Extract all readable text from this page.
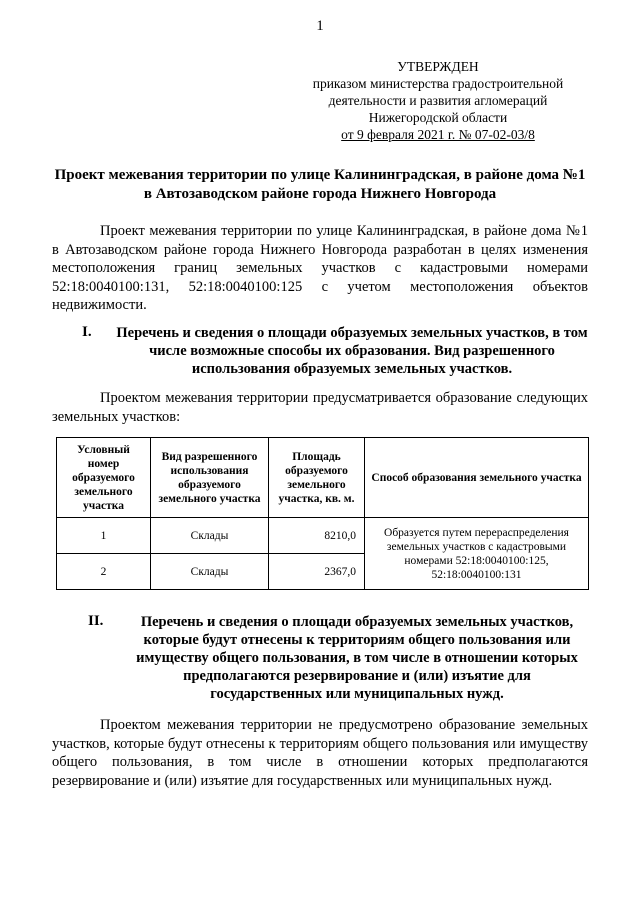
1
УТВЕРЖДЕН
приказом министерства градостроительной
деятельности и развития агломераций
Нижегородской области
от 9 февраля 2021 г. № 07-02-03/8
Проект межевания территории по улице Калининградская, в районе дома №1 в Автозаводском районе города Нижнего Новгорода
Проект межевания территории по улице Калининградская, в районе дома №1 в Автозаводском районе города Нижнего Новгорода разработан в целях изменения местоположения границ земельных участков с кадастровыми номерами 52:18:0040100:131, 52:18:0040100:125 с учетом местоположения объектов недвижимости.
I. Перечень и сведения о площади образуемых земельных участков, в том числе возможные способы их образования. Вид разрешенного использования образуемых земельных участков.
Проектом межевания территории предусматривается образование следующих земельных участков:
Условный номер образуемого земельного участка	Вид разрешенного использования образуемого земельного участка	Площадь образуемого земельного участка, кв. м.	Способ образования земельного участка
1	Склады	8210,0	Образуется путем перераспределения земельных участков с кадастровыми номерами 52:18:0040100:125, 52:18:0040100:131
2	Склады	2367,0	
II.	Перечень и сведения о площади образуемых земельных участков, которые будут отнесены к территориям общего пользования или имуществу общего пользования, в том числе в отношении которых предполагаются резервирование и (или) изъятие для государственных или муниципальных нужд.
Проектом межевания территории не предусмотрено образование земельных участков, которые будут отнесены к территориям общего пользования или имуществу общего пользования, в том числе в отношении которых предполагаются резервирование и (или) изъятие для государственных или муниципальных нужд.
